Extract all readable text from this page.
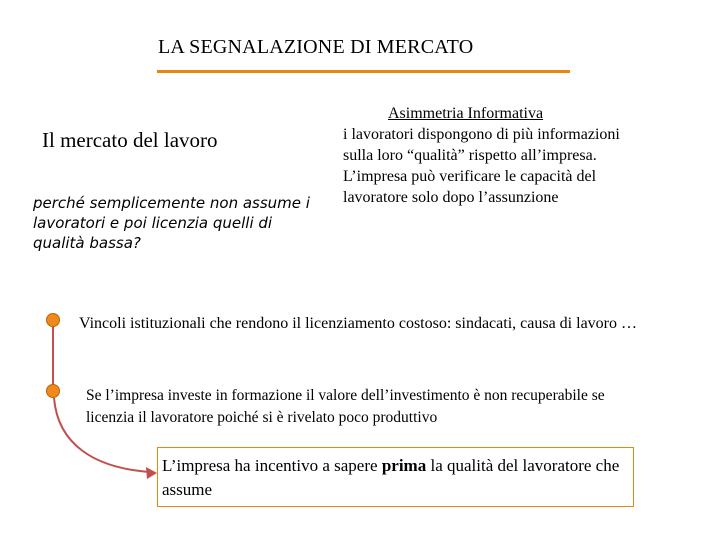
LA SEGNALAZIONE DI MERCATO
Il mercato del lavoro
perché semplicemente non assume i lavoratori e poi licenzia quelli di qualità bassa?
Asimmetria Informativa
i lavoratori dispongono di più informazioni sulla loro “qualità” rispetto all’impresa. L’impresa può verificare le capacità del lavoratore solo dopo l’assunzione
Vincoli istituzionali che rendono il licenziamento costoso: sindacati, causa di lavoro …
Se l’impresa investe in formazione il valore dell’investimento è non recuperabile se licenzia il lavoratore poiché si è rivelato poco produttivo
L’impresa ha incentivo a sapere prima la qualità del lavoratore che assume
